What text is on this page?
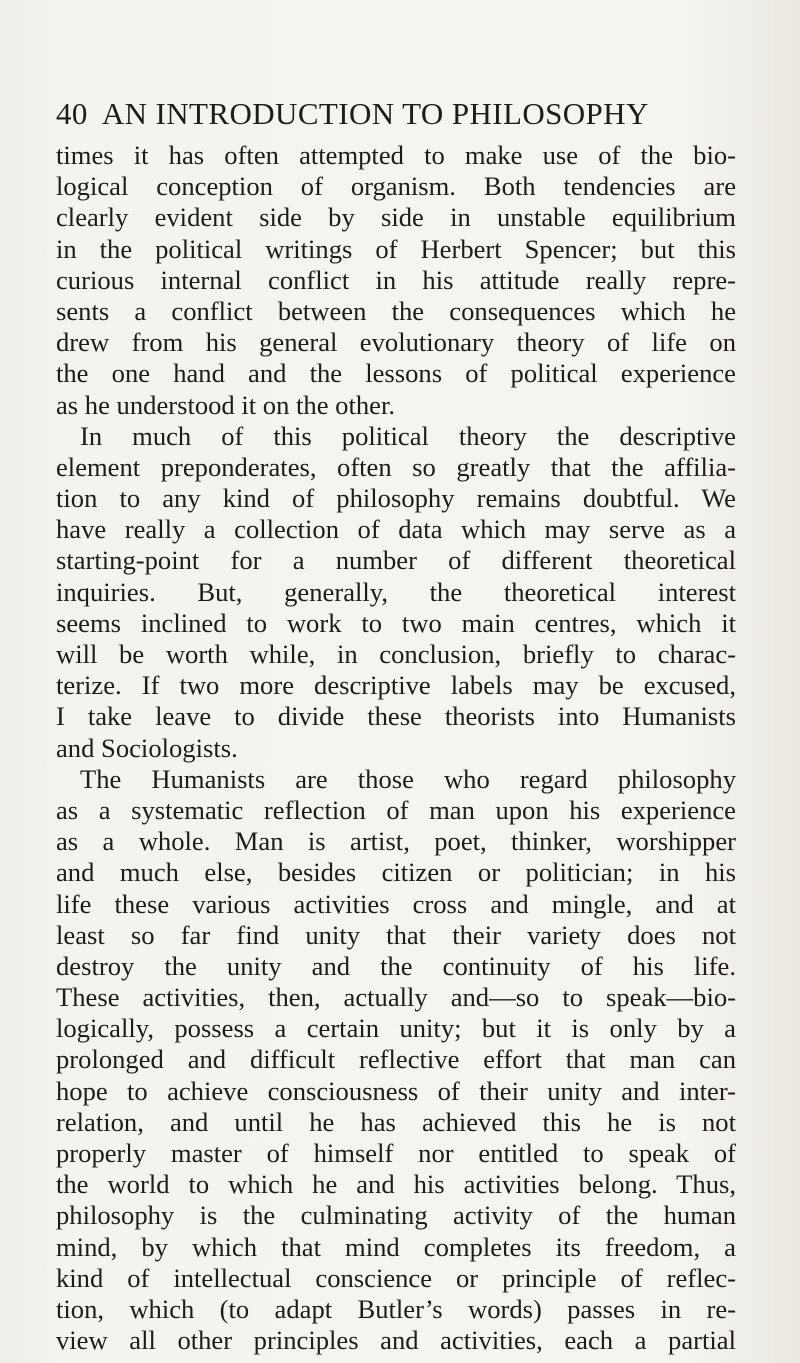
40 AN INTRODUCTION TO PHILOSOPHY
times it has often attempted to make use of the bio-
logical conception of organism. Both tendencies are
clearly evident side by side in unstable equilibrium
in the political writings of Herbert Spencer; but this
curious internal conflict in his attitude really repre-
sents a conflict between the consequences which he
drew from his general evolutionary theory of life on
the one hand and the lessons of political experience
as he understood it on the other.
In much of this political theory the descriptive
element preponderates, often so greatly that the affilia-
tion to any kind of philosophy remains doubtful. We
have really a collection of data which may serve as a
starting-point for a number of different theoretical
inquiries. But, generally, the theoretical interest
seems inclined to work to two main centres, which it
will be worth while, in conclusion, briefly to charac-
terize. If two more descriptive labels may be excused,
I take leave to divide these theorists into Humanists
and Sociologists.
The Humanists are those who regard philosophy
as a systematic reflection of man upon his experience
as a whole. Man is artist, poet, thinker, worshipper
and much else, besides citizen or politician; in his
life these various activities cross and mingle, and at
least so far find unity that their variety does not
destroy the unity and the continuity of his life.
These activities, then, actually and—so to speak—bio-
logically, possess a certain unity; but it is only by a
prolonged and difficult reflective effort that man can
hope to achieve consciousness of their unity and inter-
relation, and until he has achieved this he is not
properly master of himself nor entitled to speak of
the world to which he and his activities belong. Thus,
philosophy is the culminating activity of the human
mind, by which that mind completes its freedom, a
kind of intellectual conscience or principle of reflec-
tion, which (to adapt Butler’s words) passes in re-
view all other principles and activities, each a partial
